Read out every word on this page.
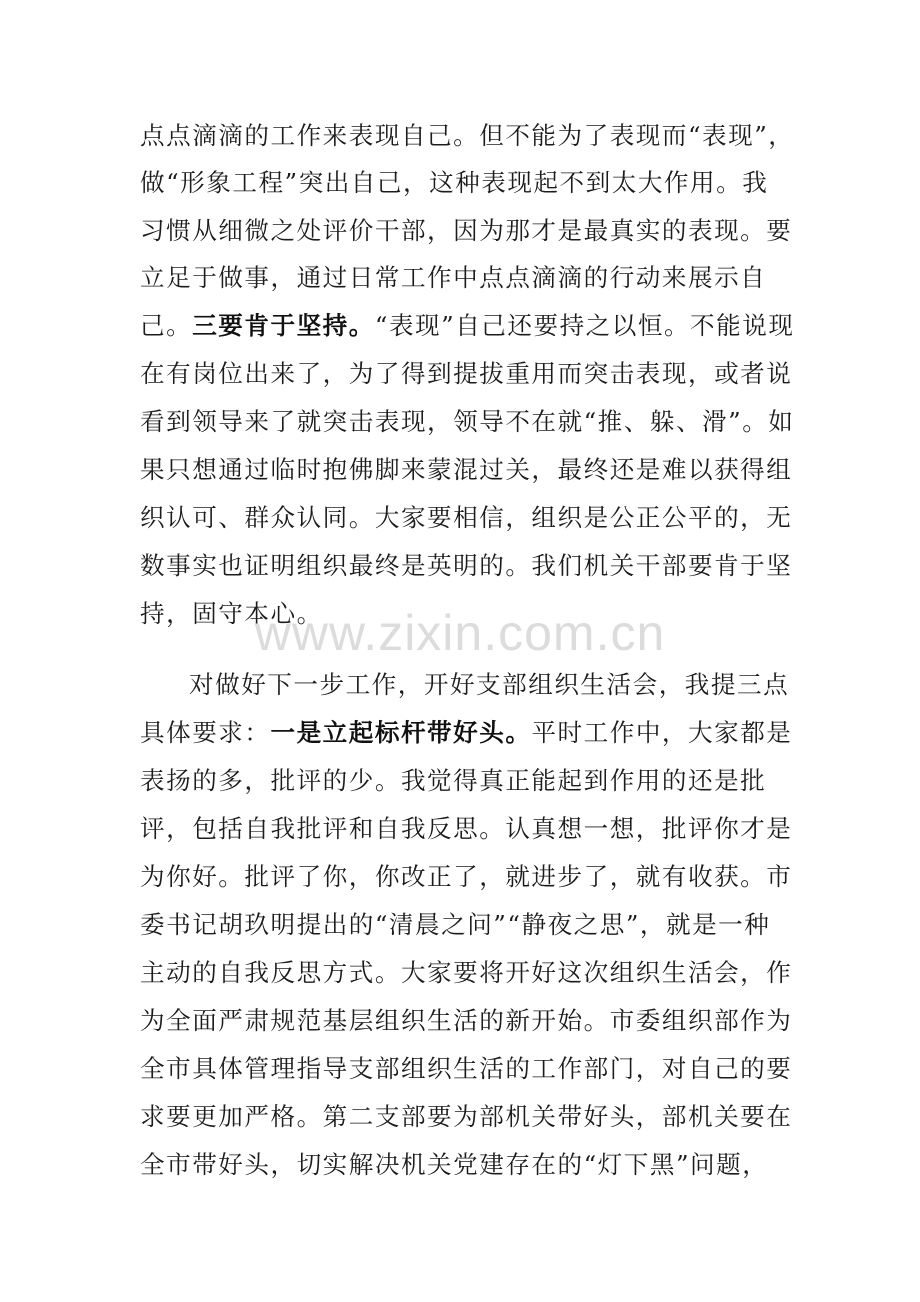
点点滴滴的工作来表现自己。但不能为了表现而“表现”，
做“形象工程”突出自己，这种表现起不到太大作用。我
习惯从细微之处评价干部，因为那才是最真实的表现。要
立足于做事，通过日常工作中点点滴滴的行动来展示自
己。三要肯于坚持。“表现”自己还要持之以恒。不能说现
在有岗位出来了，为了得到提拔重用而突击表现，或者说
看到领导来了就突击表现，领导不在就“推、躲、滑”。如
果只想通过临时抱佛脚来蒙混过关，最终还是难以获得组
织认可、群众认同。大家要相信，组织是公正公平的，无
数事实也证明组织最终是英明的。我们机关干部要肯于坚
持，固守本心。
对做好下一步工作，开好支部组织生活会，我提三点
具体要求：一是立起标杆带好头。平时工作中，大家都是
表扬的多，批评的少。我觉得真正能起到作用的还是批
评，包括自我批评和自我反思。认真想一想，批评你才是
为你好。批评了你，你改正了，就进步了，就有收获。市
委书记胡玖明提出的“清晨之问”“静夜之思”，就是一种
主动的自我反思方式。大家要将开好这次组织生活会，作
为全面严肃规范基层组织生活的新开始。市委组织部作为
全市具体管理指导支部组织生活的工作部门，对自己的要
求要更加严格。第二支部要为部机关带好头，部机关要在
全市带好头，切实解决机关党建存在的“灯下黑”问题，
www.zixin.com.cn
